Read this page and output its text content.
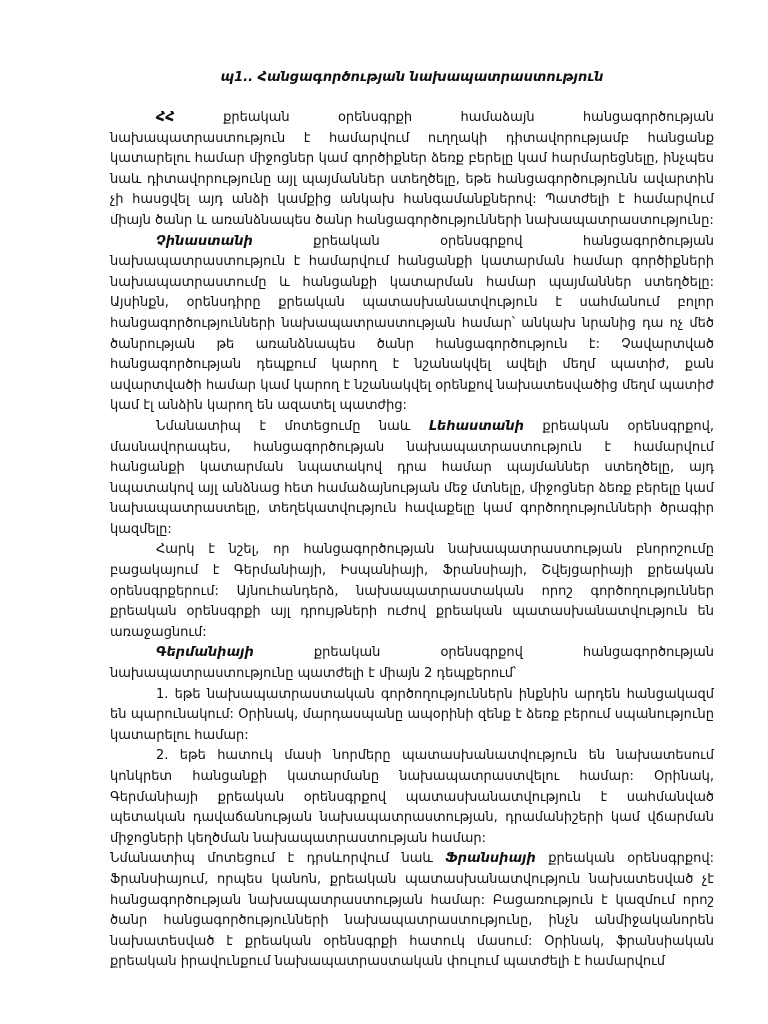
պ1.. Հանցագործության նախապատրաստություն

ՀՀ քրեական օրենսգրքի համաձայն հանցագործության նախապատրաստություն է համարվում ուղղակի դիտավորությամբ հանցանք կատարելու համար միջոցներ կամ գործիքներ ձեռք բերելը կամ հարմարեցնելը, ինչպես նաև դիտավորությունը այլ պայմաններ ստեղծելը, եթե հանցագործությունն ավարտին չի հասցվել այդ անձի կամքից անկախ հանգամանքներով: Պատժելի է համարվում միայն ծանր և առանձնապես ծանր հանցագործությունների նախապատրաստությունը:

Չինաստանի քրեական օրենսգրքով հանցագործության նախապատրաստություն է համարվում հանցանքի կատարման համար գործիքների նախապատրաստումը և հանցանքի կատարման համար պայմաններ ստեղծելը: Այսինքն, օրենսդիրը քրեական պատասխանատվություն է սահմանում բոլոր հանցագործությունների նախապատրաստության համար՝ անկախ նրանից դա ոչ մեծ ծանրության թե առանձնապես ծանր հանցագործություն է: Չավարտված հանցագործության դեպքում կարող է նշանակվել ավելի մեղմ պատիժ, քան ավարտվածի համար կամ կարող է նշանակվել օրենքով նախատեսվածից մեղմ պատիժ կամ էլ անձին կարող են ազատել պատժից:

Նմանատիպ է մոտեցումը նաև Լեհաստանի քրեական օրենսգրքով, մասնավորապես, հանցագործության նախապատրաստություն է համարվում հանցանքի կատարման նպատակով դրա համար պայմաններ ստեղծելը, այդ նպատակով այլ անձնաց հետ համաձայնության մեջ մտնելը, միջոցներ ձեռք բերելը կամ նախապատրաստելը, տեղեկատվություն հավաքելը կամ գործողությունների ծրագիր կազմելը:

Հարկ է նշել, որ հանցագործության նախապատրաստության բնորոշումը բացակայում է Գերմանիայի, Իսպանիայի, Ֆրանսիայի, Շվեյցարիայի քրեական օրենսգրքերում: Այնուհանդերձ, նախապատրաստական որոշ գործողություններ քրեական օրենսգրքի այլ դրույթների ուժով քրեական պատասխանատվություն են առաջացնում:

Գերմանիայի քրեական օրենսգրքով հանցագործության նախապատրաստությունը պատժելի է միայն 2 դեպքերում՝

1. եթե նախապատրաստական գործողություններն ինքնին արդեն հանցակազմ են պարունակում: Օրինակ, մարդասպանը ապօրինի զենք է ձեռք բերում սպանությունը կատարելու համար:

2. եթե հատուկ մասի նորմերը պատասխանատվություն են նախատեսում կոնկրետ հանցանքի կատարմանը նախապատրաստվելու համար: Օրինակ, Գերմանիայի քրեական օրենսգրքով պատասխանատվություն է սահմանված պետական դավաճանության նախապատրաստության, դրամանիշերի կամ վճարման միջոցների կեղծման նախապատրաստության համար:

Նմանատիպ մոտեցում է դրսևորվում նաև Ֆրանսիայի քրեական օրենսգրքով: Ֆրանսիայում, որպես կանոն, քրեական պատասխանատվություն նախատեսված չէ հանցագործության նախապատրաստության համար: Բացառություն է կազմում որոշ ծանր հանցագործությունների նախապատրաստությունը, ինչն անմիջականորեն նախատեսված է քրեական օրենսգրքի հատուկ մասում: Օրինակ, ֆրանսիական քրեական իրավունքում նախապատրաստական փուլում պատժելի է համարվում
